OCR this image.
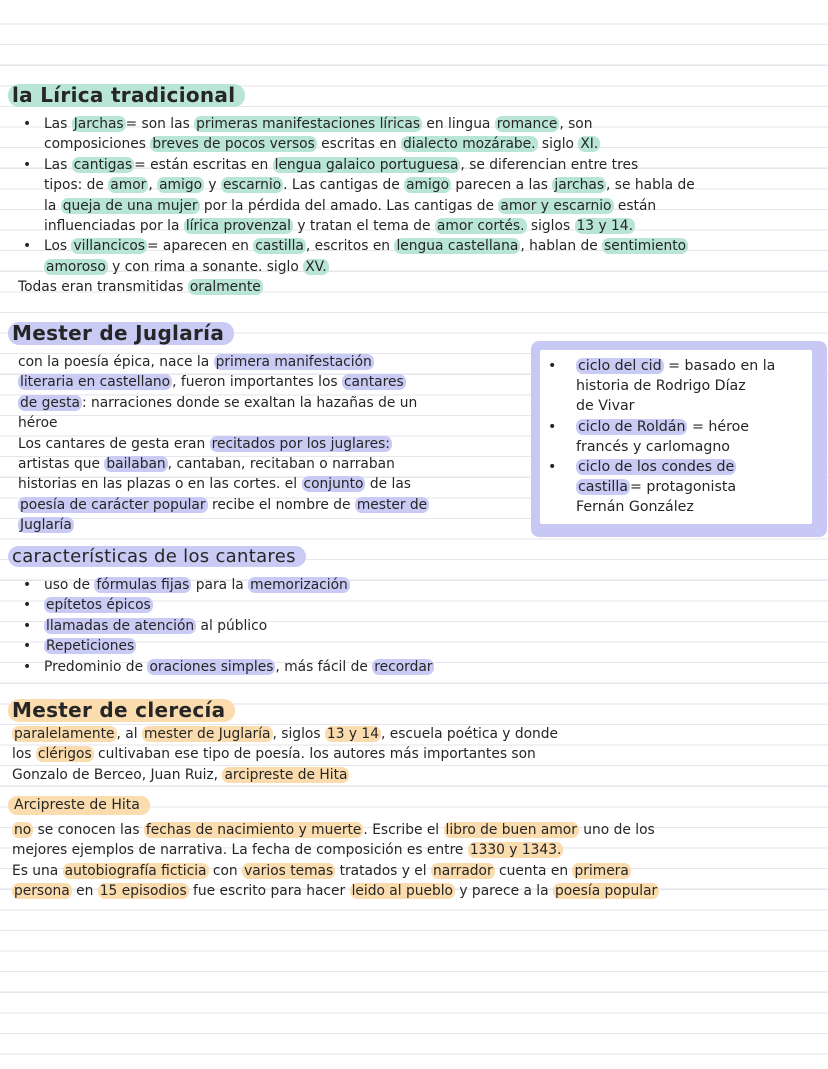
la Lírica tradicional
• Las Jarchas = son las primeras manifestaciones líricas en lingua romance , son
composiciones breves de pocos versos escritas en dialecto mozárabe. siglo XI.
• Las cantigas = están escritas en lengua galaico portuguesa , se diferencian entre tres
tipos: de amor , amigo y escarnio . Las cantigas de amigo parecen a las jarchas , se habla de
la queja de una mujer por la pérdida del amado. Las cantigas de amor y escarnio están
influenciadas por la lírica provenzal y tratan el tema de amor cortés. siglos 13 y 14.
• Los villancicos = aparecen en castilla , escritos en lengua castellana , hablan de sentimiento
amoroso y con rima a sonante. siglo XV.
Todas eran transmitidas oralmente
Mester de Juglaría
con la poesía épica, nace la primera manifestación
literaria en castellano , fueron importantes los cantares
de gesta : narraciones donde se exaltan la hazañas de un
héroe
Los cantares de gesta eran recitados por los juglares:
artistas que bailaban , cantaban, recitaban o narraban
historias en las plazas o en las cortes. el conjunto de las
poesía de carácter popular recibe el nombre de mester de
Juglaría
• ciclo del cid = basado en la
historia de Rodrigo Díaz
de Vivar
• ciclo de Roldán = héroe
francés y carlomagno
• ciclo de los condes de
castilla = protagonista
Fernán González
características de los cantares
• uso de fórmulas fijas para la memorización
• epítetos épicos
• llamadas de atención al público
• Repeticiones
• Predominio de oraciones simples , más fácil de recordar
Mester de clerecía
paralelamente , al mester de Juglaría , siglos 13 y 14 , escuela poética y donde
los clérigos cultivaban ese tipo de poesía. los autores más importantes son
Gonzalo de Berceo, Juan Ruiz, arcipreste de Hita
Arcipreste de Hita
no se conocen las fechas de nacimiento y muerte . Escribe el libro de buen amor uno de los
mejores ejemplos de narrativa. La fecha de composición es entre 1330 y 1343.
Es una autobiografía ficticia con varios temas tratados y el narrador cuenta en primera
persona en 15 episodios fue escrito para hacer leido al pueblo y parece a la poesía popular
